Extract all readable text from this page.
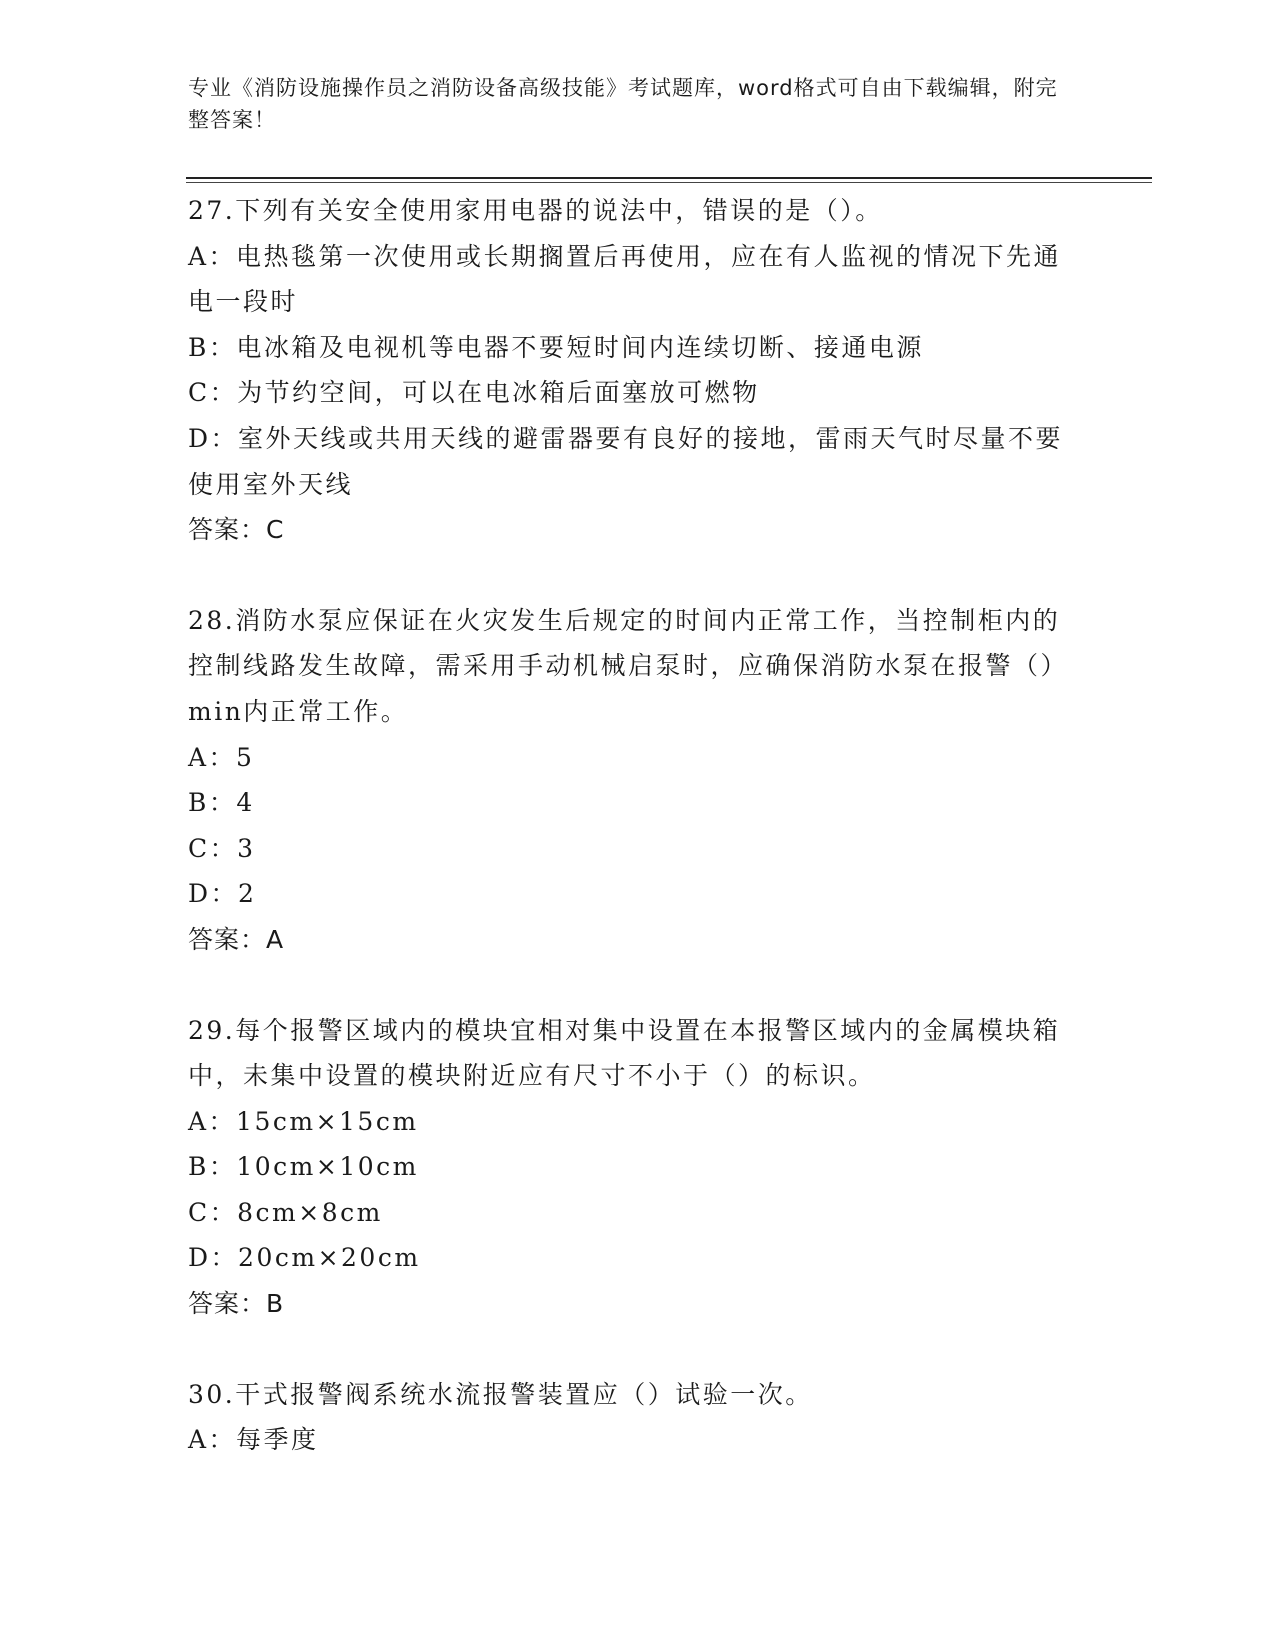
专业《消防设施操作员之消防设备高级技能》考试题库，word格式可自由下载编辑，附完整答案！

27.下列有关安全使用家用电器的说法中，错误的是（）。

A：电热毯第一次使用或长期搁置后再使用，应在有人监视的情况下先通电一段时

B：电冰箱及电视机等电器不要短时间内连续切断、接通电源

C：为节约空间，可以在电冰箱后面塞放可燃物

D：室外天线或共用天线的避雷器要有良好的接地，雷雨天气时尽量不要使用室外天线

答案：C

28.消防水泵应保证在火灾发生后规定的时间内正常工作，当控制柜内的控制线路发生故障，需采用手动机械启泵时，应确保消防水泵在报警（）min内正常工作。

A：5

B：4

C：3

D：2

答案：A

29.每个报警区域内的模块宜相对集中设置在本报警区域内的金属模块箱中，未集中设置的模块附近应有尺寸不小于（）的标识。

A：15cm×15cm

B：10cm×10cm

C：8cm×8cm

D：20cm×20cm

答案：B

30.干式报警阀系统水流报警装置应（）试验一次。

A：每季度
